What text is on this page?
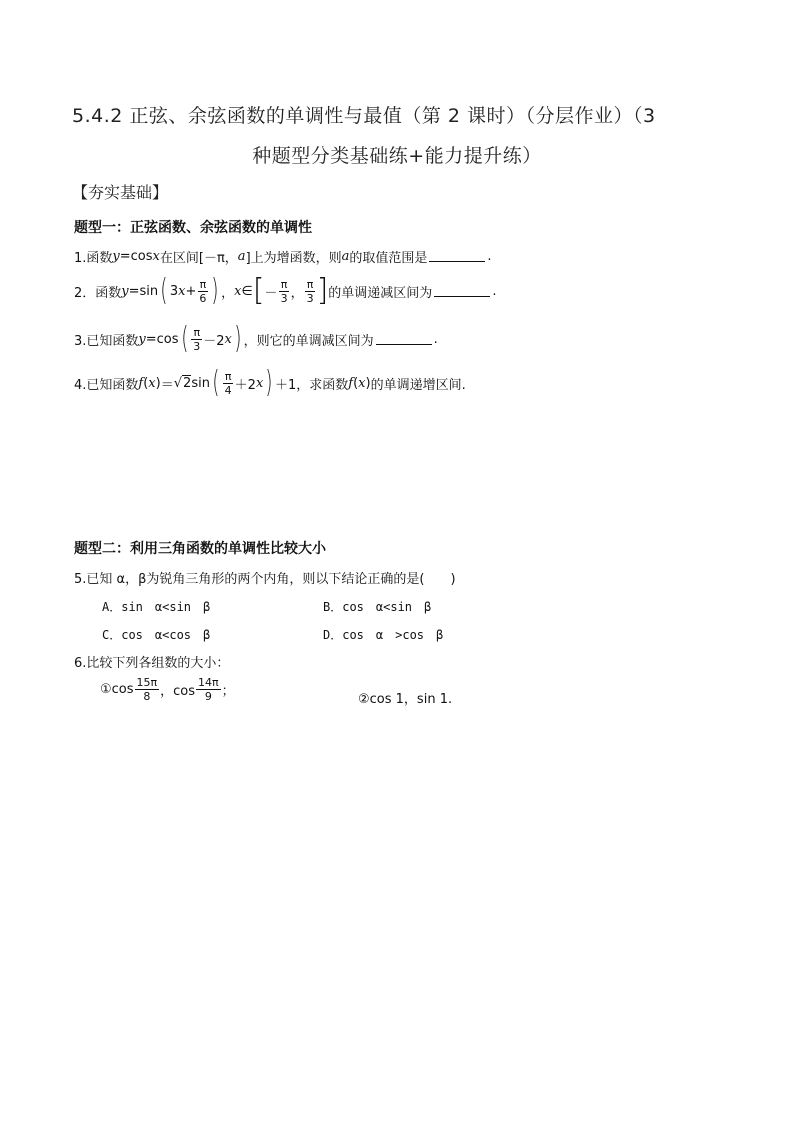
5.4.2 正弦、余弦函数的单调性与最值（第 2 课时）（分层作业）（3
种题型分类基础练+能力提升练）
【夯实基础】
题型一：正弦函数、余弦函数的单调性
1.函数 y =cos x 在区间[－π， a ]上为增函数，则 a 的取值范围是	.
2．函数 y =sin ( 3 $x + \frac{\pi}{6}$ ) ， x ∈ [ － $\frac{\pi}{3}$ ， $\frac{\pi}{3}$ ] 的单调递减区间为	.
3.已知函数 y =cos ( $\frac{\pi}{3} -2$ x ) ，则它的单调减区间为	.
4.已知函数 f ( x ) ＝ √ 2 sin ( $\frac{\pi}{4} +2$ x ) ＋1，求函数 f ( x ) 的单调递增区间.
题型二：利用三角函数的单调性比较大小
5.已知 α，β为锐角三角形的两个内角，则以下结论正确的是(　　)
A．sin　α<sin　β	B．cos　α<sin　β
C．cos　α<cos　β	D．cos　α　>cos　β
6.比较下列各组数的大小：
①cos $\frac{15\pi}{8}$ ，$\cos \frac{14\pi}{9}$ ；
②cos 1，sin 1.
